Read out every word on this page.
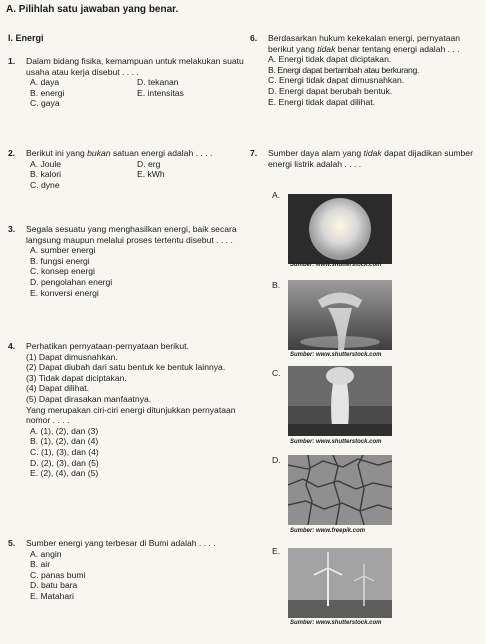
A. Pilihlah satu jawaban yang benar.
I. Energi
1. Dalam bidang fisika, kemampuan untuk melakukan suatu usaha atau kerja disebut . . . .
A. daya	D. tekanan
B. energi	E. intensitas
C. gaya
2. Berikut ini yang bukan satuan energi adalah . . . .
A. Joule	D. erg
B. kalori	E. kWh
C. dyne
3. Segala sesuatu yang menghasilkan energi, baik secara langsung maupun melalui proses tertentu disebut . . . .
A. sumber energi
B. fungsi energi
C. konsep energi
D. pengolahan energi
E. konversi energi
4. Perhatikan pernyataan-pernyataan berikut.
(1) Dapat dimusnahkan.
(2) Dapat diubah dari satu bentuk ke bentuk lainnya.
(3) Tidak dapat diciptakan.
(4) Dapat dilihat.
(5) Dapat dirasakan manfaatnya.
Yang merupakan ciri-ciri energi ditunjukkan pernyataan nomor . . . .
A. (1), (2), dan (3)
B. (1), (2), dan (4)
C. (1), (3), dan (4)
D. (2), (3), dan (5)
E. (2), (4), dan (5)
5. Sumber energi yang terbesar di Bumi adalah . . . .
A. angin
B. air
C. panas bumi
D. batu bara
E. Matahari
6. Berdasarkan hukum kekekalan energi, pernyataan berikut yang tidak benar tentang energi adalah . . .
A. Energi tidak dapat diciptakan.
B. Energi dapat bertambah atau berkurang.
C. Energi tidak dapat dimusnahkan.
D. Energi dapat berubah bentuk.
E. Energi tidak dapat dilihat.
7. Sumber daya alam yang tidak dapat dijadikan sumber energi listrik adalah . . . .
A.
Sumber: www.shutterstock.com
B.
Sumber: www.shutterstock.com
C.
Sumber: www.shutterstock.com
D.
Sumber: www.freepik.com
E.
Sumber: www.shutterstock.com
